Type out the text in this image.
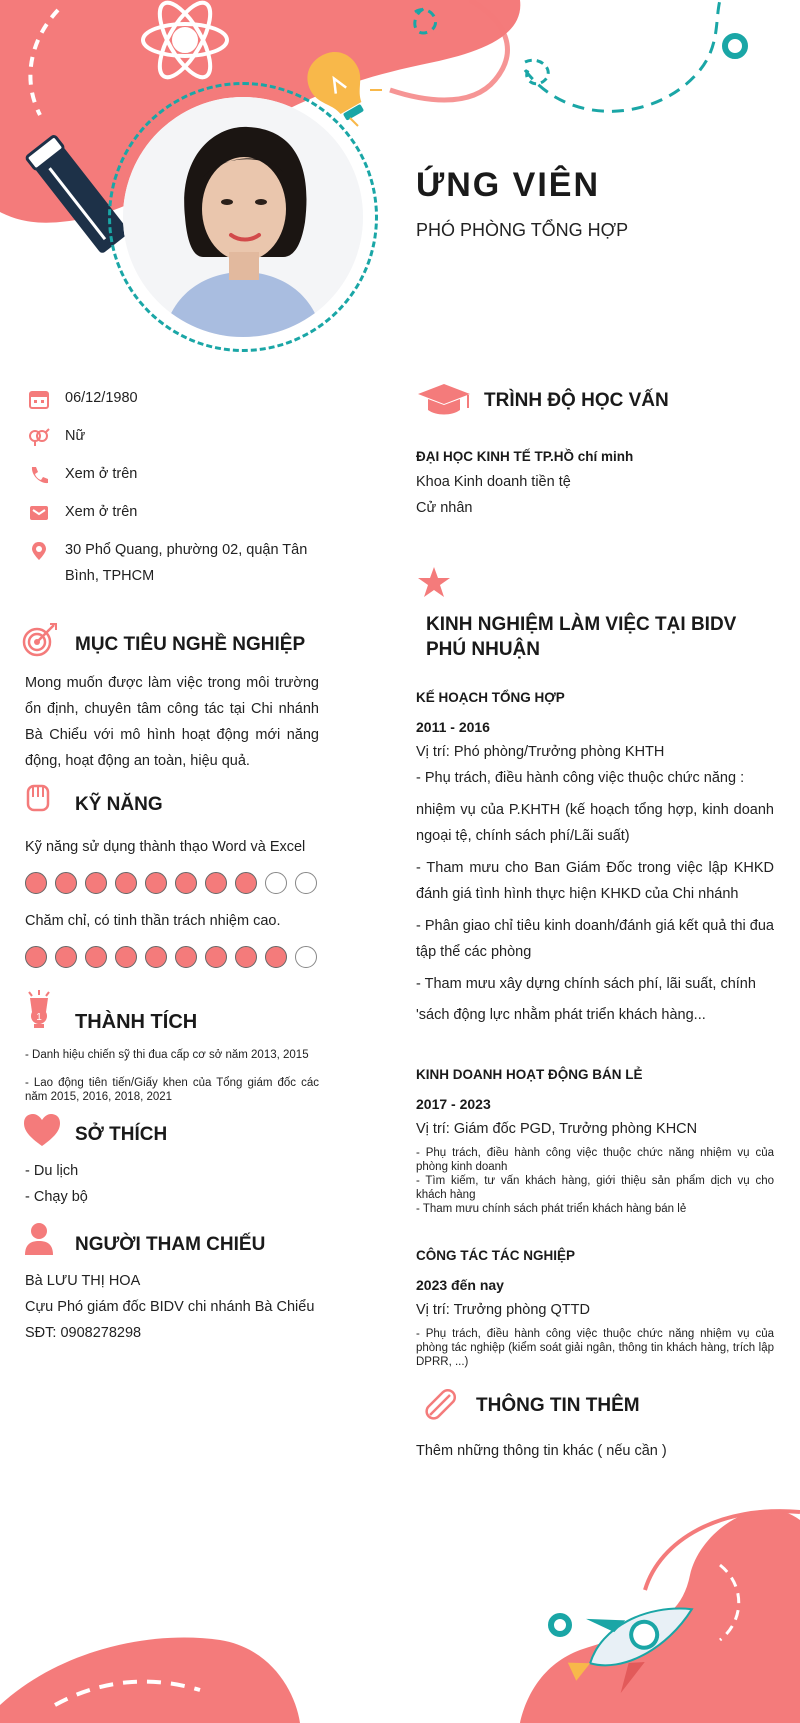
ỨNG VIÊN
PHÓ PHÒNG TỔNG HỢP
06/12/1980
Nữ
Xem ở trên
Xem ở trên
30 Phổ Quang, phường 02, quận Tân Bình, TPHCM
MỤC TIÊU NGHỀ NGHIỆP
Mong muốn được làm việc trong môi trường ổn định, chuyên tâm công tác tại Chi nhánh Bà Chiểu với mô hình hoạt động mới năng động, hoạt động an toàn, hiệu quả.
KỸ NĂNG
Kỹ năng sử dụng thành thạo Word và Excel
Chăm chỉ, có tinh thần trách nhiệm cao.
1 THÀNH TÍCH
- Danh hiệu chiến sỹ thi đua cấp cơ sở năm 2013, 2015
- Lao động tiên tiến/Giấy khen của Tổng giám đốc các năm 2015, 2016, 2018, 2021
SỞ THÍCH
- Du lịch
- Chạy bộ
NGƯỜI THAM CHIẾU
Bà LƯU THỊ HOA
Cựu Phó giám đốc BIDV chi nhánh Bà Chiểu
SĐT: 0908278298
TRÌNH ĐỘ HỌC VẤN
ĐẠI HỌC KINH TẾ TP.HỒ chí minh
Khoa Kinh doanh tiền tệ
Cử nhân
KINH NGHIỆM LÀM VIỆC TẠI BIDV PHÚ NHUẬN
KẾ HOẠCH TỔNG HỢP
2011 - 2016
Vị trí: Phó phòng/Trưởng phòng KHTH
- Phụ trách, điều hành công việc thuộc chức năng :
nhiệm vụ của P.KHTH (kế hoạch tổng hợp, kinh doanh ngoại tệ, chính sách phí/Lãi suất)
- Tham mưu cho Ban Giám Đốc trong việc lập KHKD đánh giá tình hình thực hiện KHKD của Chi nhánh
- Phân giao chỉ tiêu kinh doanh/đánh giá kết quả thi đua tập thể các phòng
- Tham mưu xây dựng chính sách phí, lãi suất, chính
'sách động lực nhằm phát triển khách hàng...
KINH DOANH HOẠT ĐỘNG BÁN LẺ
2017 - 2023
Vị trí: Giám đốc PGD, Trưởng phòng KHCN
- Phụ trách, điều hành công việc thuộc chức năng nhiệm vụ của phòng kinh doanh
- Tìm kiếm, tư vấn khách hàng, giới thiệu sản phẩm dịch vụ cho khách hàng
- Tham mưu chính sách phát triển khách hàng bán lẻ
CÔNG TÁC TÁC NGHIỆP
2023 đến nay
Vị trí: Trưởng phòng QTTD
- Phụ trách, điều hành công việc thuộc chức năng nhiệm vụ của phòng tác nghiệp (kiểm soát giải ngân, thông tin khách hàng, trích lập DPRR, ...)
THÔNG TIN THÊM
Thêm những thông tin khác ( nếu cần )
